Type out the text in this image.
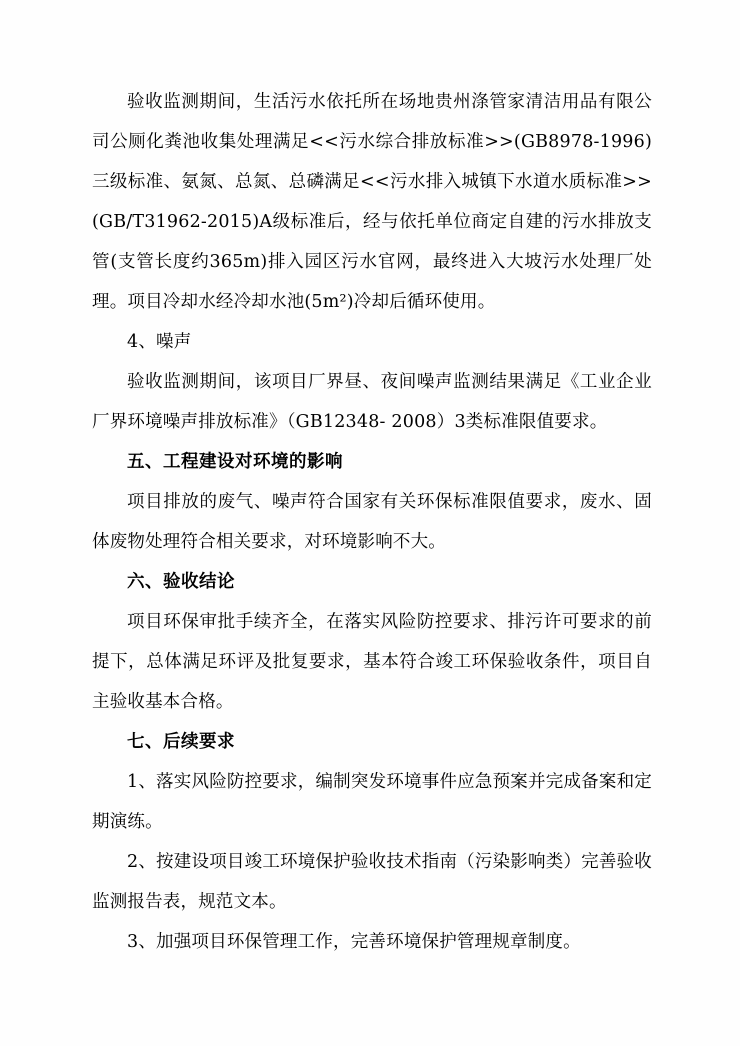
验收监测期间，生活污水依托所在场地贵州涤管家清洁用品有限公司公厕化粪池收集处理满足<<污水综合排放标准>>(GB8978-1996)三级标准、氨氮、总氮、总磷满足<<污水排入城镇下水道水质标准>>(GB/T31962-2015)A级标准后，经与依托单位商定自建的污水排放支管(支管长度约365m)排入园区污水官网，最终进入大坡污水处理厂处理。项目冷却水经冷却水池(5m²)冷却后循环使用。

4、噪声

验收监测期间，该项目厂界昼、夜间噪声监测结果满足《工业企业厂界环境噪声排放标准》（GB12348- 2008）3类标准限值要求。

五、工程建设对环境的影响

项目排放的废气、噪声符合国家有关环保标准限值要求，废水、固体废物处理符合相关要求，对环境影响不大。

六、验收结论

项目环保审批手续齐全，在落实风险防控要求、排污许可要求的前提下，总体满足环评及批复要求，基本符合竣工环保验收条件，项目自主验收基本合格。

七、后续要求

1、落实风险防控要求，编制突发环境事件应急预案并完成备案和定期演练。

2、按建设项目竣工环境保护验收技术指南（污染影响类）完善验收监测报告表，规范文本。

3、加强项目环保管理工作，完善环境保护管理规章制度。
